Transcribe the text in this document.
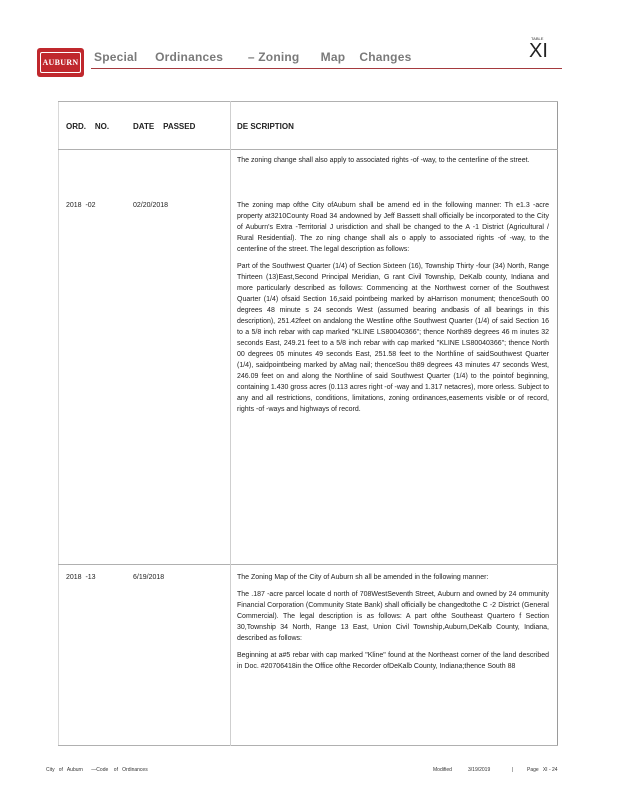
AUBURN Special     Ordinances       – Zoning      Map    Changes
TABLE
XI
ORD.    NO.	DATE    PASSED	DE SCRIPTION

The zoning change shall also apply to associated rights -of -way, to the centerline of the street.

2018  -02	02/20/2018	The zoning map ofthe City ofAuburn shall be amend ed in the following manner: Th e1.3 -acre property at3210County Road 34 andowned by Jeff Bassett shall officially be incorporated to the City of Auburn's Extra -Territorial J urisdiction and shall be changed to the A -1 District (Agricultural / Rural Residential). The zo ning change shall als o apply to associated rights -of -way, to the centerline of the street. The legal description as follows:

Part of the Southwest Quarter (1/4) of Section Sixteen (16), Township Thirty -four (34) North, Range Thirteen (13)East,Second Principal Meridian, G rant Civil Township, DeKalb county, Indiana and more particularly described as follows: Commencing at the Northwest corner of the Southwest Quarter (1/4) ofsaid Section 16,said pointbeing marked by aHarrison monument; thenceSouth 00 degrees 48 minute s 24 seconds West (assumed bearing andbasis of all bearings in this description), 251.42feet on andalong the Westline ofthe Southwest Quarter (1/4) of said Section 16 to a 5/8 inch rebar with cap marked "KLINE LS80040366"; thence North89 degrees 46 m inutes 32 seconds East, 249.21 feet to a 5/8 inch rebar with cap marked "KLINE LS80040366"; thence North 00 degrees 05 minutes 49 seconds East, 251.58 feet to the Northline of saidSouthwest Quarter (1/4), saidpointbeing marked by aMag nail; thenceSou th89 degrees 43 minutes 47 seconds West, 246.09 feet on and along the Northline of said Southwest Quarter (1/4) to the pointof beginning, containing 1.430 gross acres (0.113 acres right -of -way and 1.317 netacres), more orless. Subject to any and all restrictions, conditions, limitations, zoning ordinances,easements visible or of record, rights -of -ways and highways of record.

2018  -13	6/19/2018	The Zoning Map of the City of Auburn sh all be amended in the following manner:

The .187 -acre parcel locate d north of 708WestSeventh Street, Auburn and owned by 24 ommunity Financial Corporation (Community State Bank) shall officially be changedtothe C -2 District (General Commercial). The legal description is as follows: A part ofthe Southeast Quartero f Section 30,Township 34 North, Range 13 East, Union Civil Township,Auburn,DeKalb County, Indiana, described as follows:

Beginning at a#5 rebar with cap marked "Kline" found at the Northeast corner of the land described in Doc. #20706418in the Office ofthe Recorder ofDeKalb County, Indiana;thence South 88

City   of   Auburn      —Code    of   Ordinances	Modified	3/19/2019	|	Page   XI - 24
